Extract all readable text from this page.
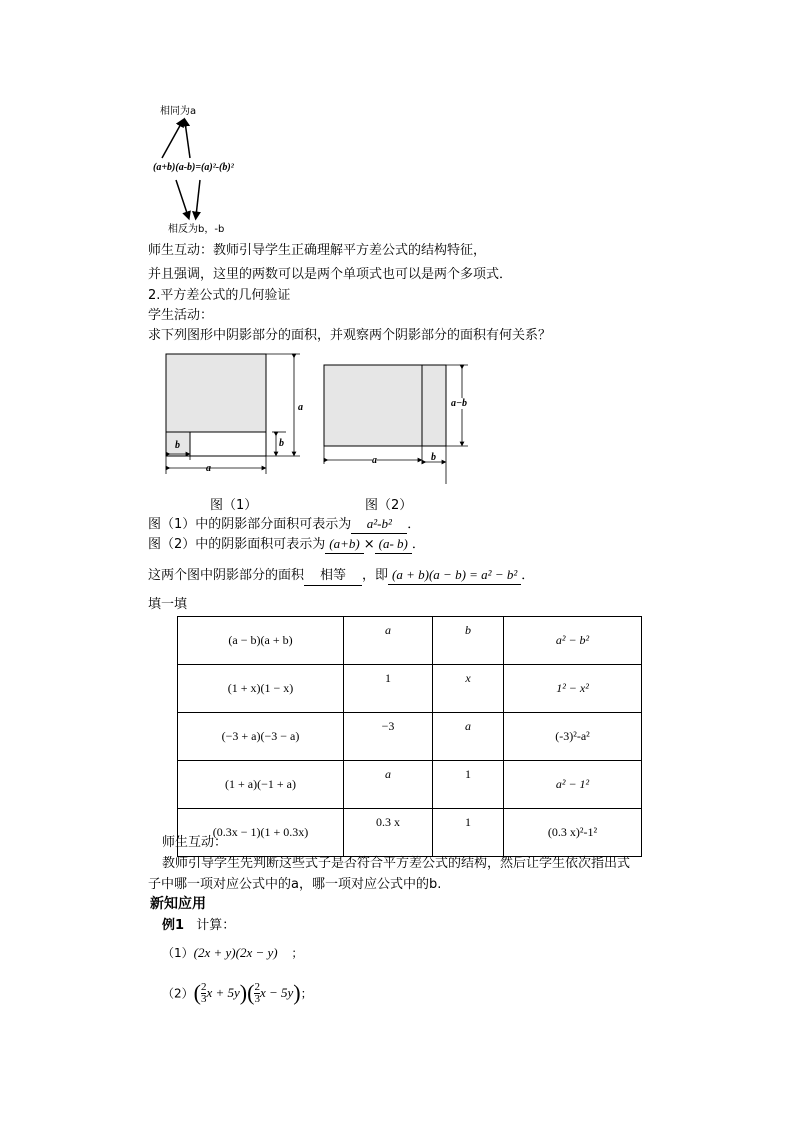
相同为a
(a+b)(a-b)=(a)²-(b)²
相反为b，-b
师生互动：教师引导学生正确理解平方差公式的结构特征，
并且强调，这里的两数可以是两个单项式也可以是两个多项式．
2.平方差公式的几何验证
学生活动：
求下列图形中阴影部分的面积，并观察两个阴影部分的面积有何关系？
a
b
b
a
图（1）
a−b
a	b
图（2）
图（1）中的阴影部分面积可表示为 a²-b² ．
图（2）中的阴影面积可表示为 (a+b) × (a- b) ．
这两个图中阴影部分的面积 相等 ，即 (a + b)(a − b) = a² − b² ．
填一填
(a − b)(a + b)	a	b	a² − b²
(1 + x)(1 − x)	1	x	1² − x²
(−3 + a)(−3 − a)	−3	a	(-3)²-a²
(1 + a)(−1 + a)	a	1	a² − 1²
(0.3x − 1)(1 + 0.3x)	0.3 x	1	(0.3 x)²-1²
师生互动：
教师引导学生先判断这些式子是否符合平方差公式的结构，然后让学生依次指出式
子中哪一项对应公式中的a，哪一项对应公式中的b.
新知应用
例1 计算：
（1）(2x + y)(2x − y) ；
$(2)( \frac{2}{3}$ $x + 5y)( \frac{2}{3}$ x − 5y)；
